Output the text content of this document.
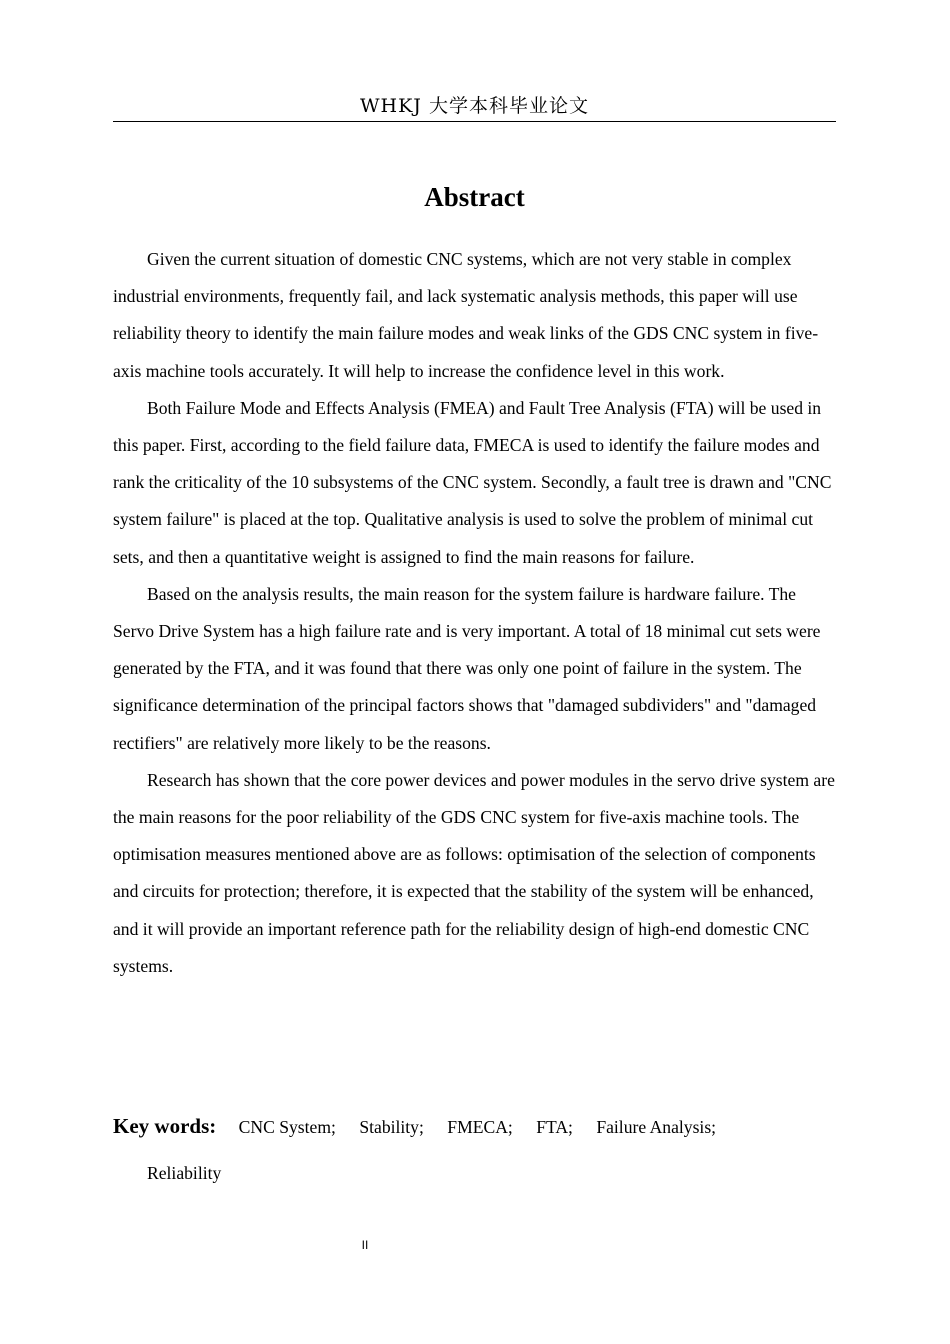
WHKJ 大学本科毕业论文
Abstract

Given the current situation of domestic CNC systems, which are not very stable in complex industrial environments, frequently fail, and lack systematic analysis methods, this paper will use reliability theory to identify the main failure modes and weak links of the GDS CNC system in five-axis machine tools accurately. It will help to increase the confidence level in this work.

Both Failure Mode and Effects Analysis (FMEA) and Fault Tree Analysis (FTA) will be used in this paper. First, according to the field failure data, FMECA is used to identify the failure modes and rank the criticality of the 10 subsystems of the CNC system. Secondly, a fault tree is drawn and "CNC system failure" is placed at the top. Qualitative analysis is used to solve the problem of minimal cut sets, and then a quantitative weight is assigned to find the main reasons for failure.

Based on the analysis results, the main reason for the system failure is hardware failure. The Servo Drive System has a high failure rate and is very important. A total of 18 minimal cut sets were generated by the FTA, and it was found that there was only one point of failure in the system. The significance determination of the principal factors shows that "damaged subdividers" and "damaged rectifiers" are relatively more likely to be the reasons.

Research has shown that the core power devices and power modules in the servo drive system are the main reasons for the poor reliability of the GDS CNC system for five-axis machine tools. The optimisation measures mentioned above are as follows: optimisation of the selection of components and circuits for protection; therefore, it is expected that the stability of the system will be enhanced, and it will provide an important reference path for the reliability design of high-end domestic CNC systems.

Key words: CNC System; Stability; FMECA; FTA; Failure Analysis;
Reliability
II
